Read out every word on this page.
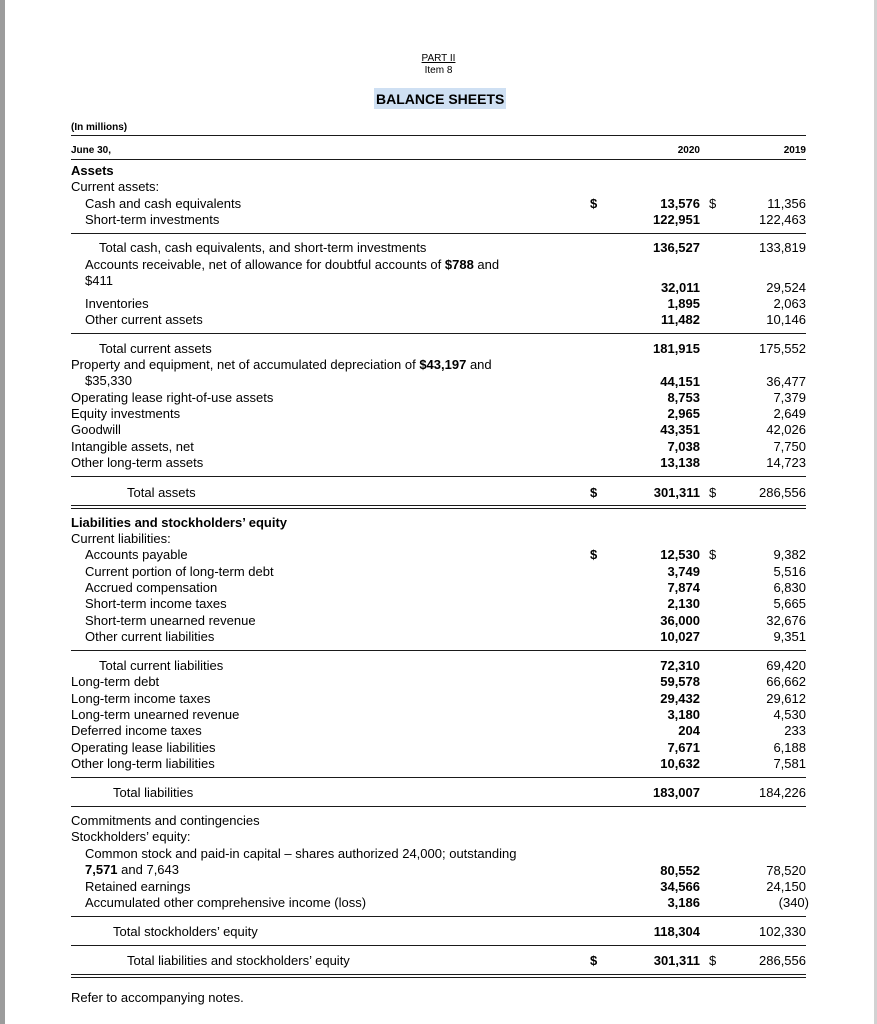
PART II
Item 8
BALANCE SHEETS
(In millions)
June 30,	2020	2019
Assets
Current assets:
Cash and cash equivalents	$	13,576 $	11,356
Short-term investments	122,951	122,463
Total cash, cash equivalents, and short-term investments	136,527	133,819
Accounts receivable, net of allowance for doubtful accounts of $788 and
$411	32,011	29,524
Inventories	1,895	2,063
Other current assets	11,482	10,146
Total current assets	181,915	175,552
Property and equipment, net of accumulated depreciation of $43,197 and
$35,330	44,151	36,477
Operating lease right-of-use assets	8,753	7,379
Equity investments	2,965	2,649
Goodwill	43,351	42,026
Intangible assets, net	7,038	7,750
Other long-term assets	13,138	14,723
Total assets	$	301,311 $	286,556
Liabilities and stockholders’ equity
Current liabilities:
Accounts payable	$	12,530 $	9,382
Current portion of long-term debt	3,749	5,516
Accrued compensation	7,874	6,830
Short-term income taxes	2,130	5,665
Short-term unearned revenue	36,000	32,676
Other current liabilities	10,027	9,351
Total current liabilities	72,310	69,420
Long-term debt	59,578	66,662
Long-term income taxes	29,432	29,612
Long-term unearned revenue	3,180	4,530
Deferred income taxes	204	233
Operating lease liabilities	7,671	6,188
Other long-term liabilities	10,632	7,581
Total liabilities	183,007	184,226
Commitments and contingencies
Stockholders’ equity:
Common stock and paid-in capital – shares authorized 24,000; outstanding
7,571 and 7,643	80,552	78,520
Retained earnings	34,566	24,150
Accumulated other comprehensive income (loss)	3,186	(340)
Total stockholders’ equity	118,304	102,330
Total liabilities and stockholders’ equity	$	301,311 $	286,556
Refer to accompanying notes.
